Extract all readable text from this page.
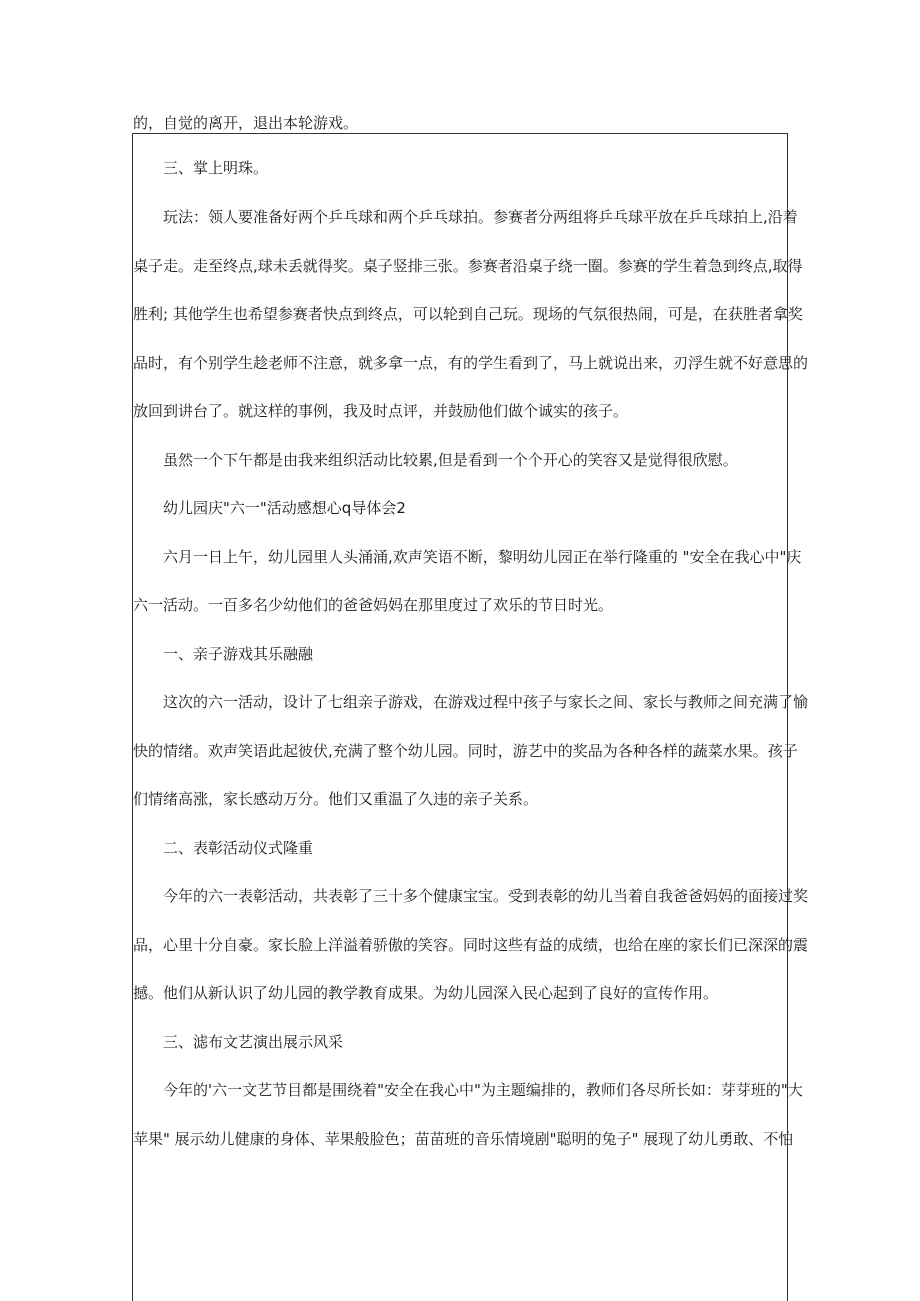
的，自觉的离开，退出本轮游戏。
三、掌上明珠。
玩法：领人要准备好两个乒乓球和两个乒乓球拍。参赛者分两组将乒乓球平放在乒乓球拍上,沿着
桌子走。走至终点,球未丢就得奖。桌子竖排三张。参赛者沿桌子绕一圈。参赛的学生着急到终点,取得
胜利; 其他学生也希望参赛者快点到终点，可以轮到自己玩。现场的气氛很热闹，可是，在获胜者拿奖
品时，有个别学生趁老师不注意，就多拿一点，有的学生看到了，马上就说出来，刃浮生就不好意思的
放回到讲台了。就这样的事例，我及时点评，并鼓励他们做个诚实的孩子。
虽然一个下午都是由我来组织活动比较累,但是看到一个个开心的笑容又是觉得很欣慰。
幼儿园庆"六一"活动感想心q导体会2
六月一日上午，幼儿园里人头涌涌,欢声笑语不断，黎明幼儿园正在举行隆重的 "安全在我心中"庆
六一活动。一百多名少幼他们的爸爸妈妈在那里度过了欢乐的节日时光。
一、亲子游戏其乐融融
这次的六一活动，设计了七组亲子游戏，在游戏过程中孩子与家长之间、家长与教师之间充满了愉
快的情绪。欢声笑语此起彼伏,充满了整个幼儿园。同时，游艺中的奖品为各种各样的蔬菜水果。孩子
们情绪高涨，家长感动万分。他们又重温了久违的亲子关系。
二、表彰活动仪式隆重
今年的六一表彰活动，共表彰了三十多个健康宝宝。受到表彰的幼儿当着自我爸爸妈妈的面接过奖
品，心里十分自豪。家长脸上洋溢着骄傲的笑容。同时这些有益的成绩，也给在座的家长们已深深的震
撼。他们从新认识了幼儿园的教学教育成果。为幼儿园深入民心起到了良好的宣传作用。
三、滤布文艺演出展示风采
今年的'六一文艺节目都是围绕着"安全在我心中"为主题编排的，教师们各尽所长如：芽芽班的"大
苹果" 展示幼儿健康的身体、苹果般脸色；苗苗班的音乐情境剧"聪明的兔子" 展现了幼儿勇敢、不怕
